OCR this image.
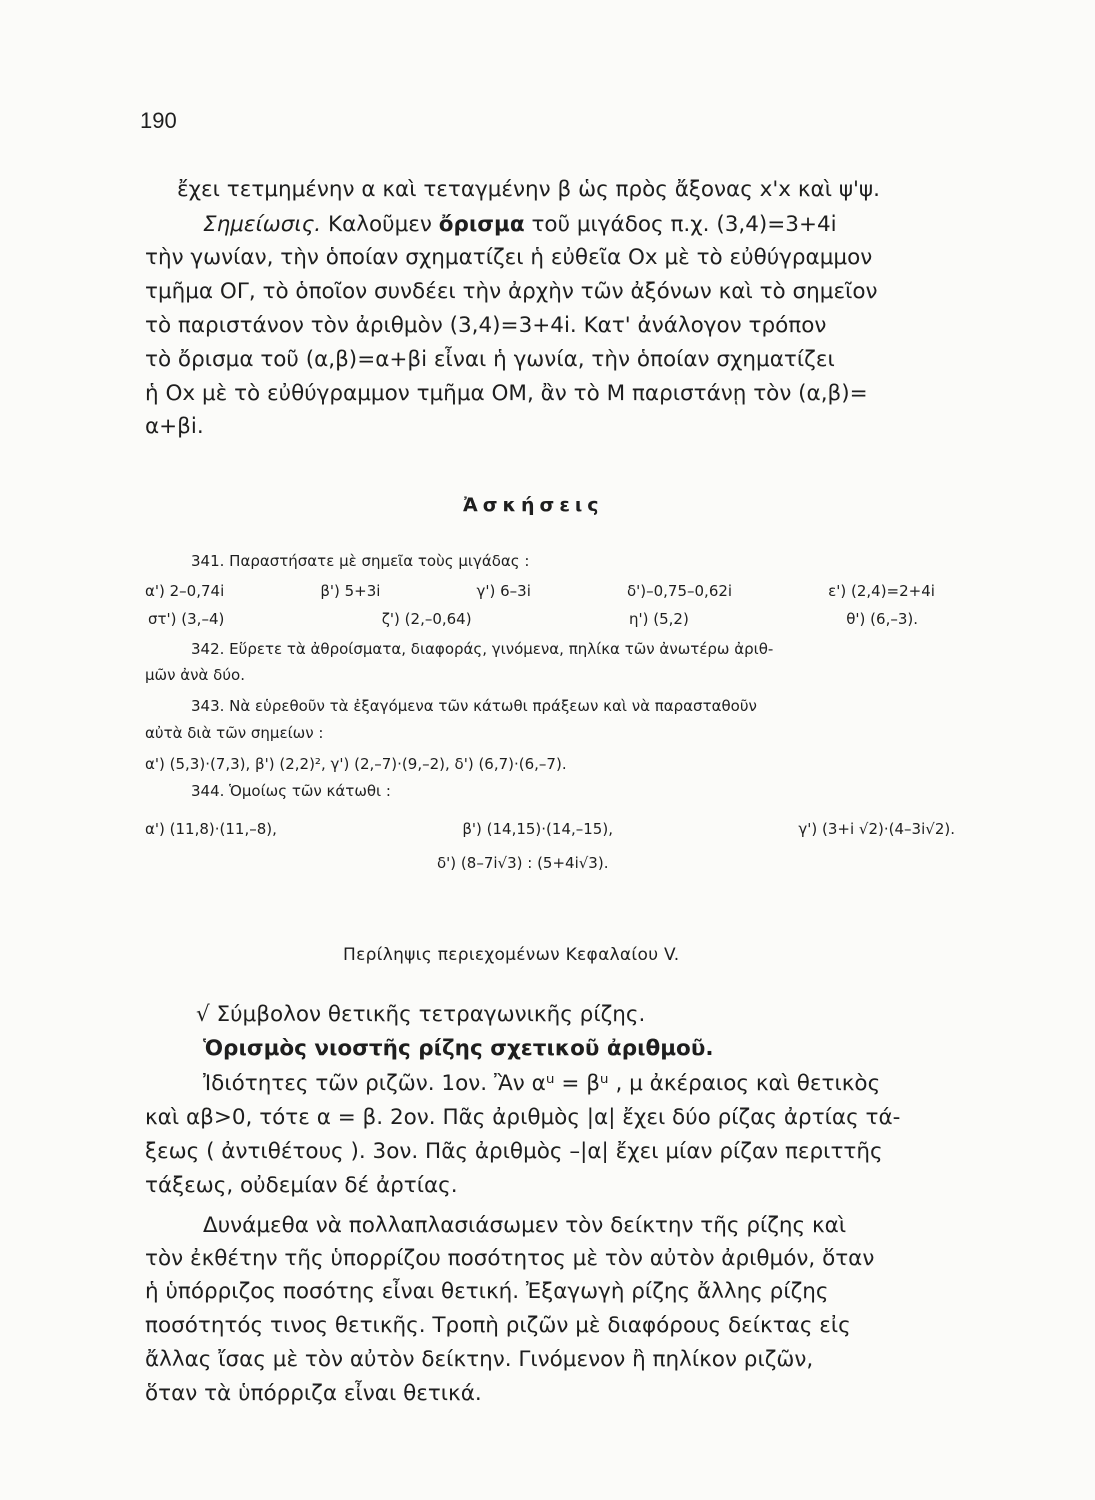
190
ἔχει τετμημένην α καὶ τεταγμένην β ὡς πρὸς ἄξονας x'x καὶ ψ'ψ.
Σημείωσις. Καλοῦμεν ὄρισμα τοῦ μιγάδος π.χ. (3,4)=3+4i
τὴν γωνίαν, τὴν ὁποίαν σχηματίζει ἡ εὐθεῖα Οx μὲ τὸ εὐθύγραμμον
τμῆμα ΟΓ, τὸ ὁποῖον συνδέει τὴν ἀρχὴν τῶν ἀξόνων καὶ τὸ σημεῖον
τὸ παριστάνον τὸν ἀριθμὸν (3,4)=3+4i. Κατ' ἀνάλογον τρόπον
τὸ ὄρισμα τοῦ (α,β)=α+βi εἶναι ἡ γωνία, τὴν ὁποίαν σχηματίζει
ἡ Οx μὲ τὸ εὐθύγραμμον τμῆμα ΟΜ, ἂν τὸ Μ παριστάνῃ τὸν (α,β)=
α+βi.
Ἀσκήσεις
341. Παραστήσατε μὲ σημεῖα τοὺς μιγάδας :
α') 2–0,74i	β') 5+3i	γ') 6–3i	δ')–0,75–0,62i	ε') (2,4)=2+4i
στ') (3,–4)	ζ') (2,–0,64)	η') (5,2)	θ') (6,–3).
342. Εὕρετε τὰ ἀθροίσματα, διαφοράς, γινόμενα, πηλίκα τῶν ἀνωτέρω ἀριθ-
μῶν ἀνὰ δύο.
343. Νὰ εὑρεθοῦν τὰ ἐξαγόμενα τῶν κάτωθι πράξεων καὶ νὰ παρασταθοῦν
αὐτὰ διὰ τῶν σημείων :
α') (5,3)·(7,3), β') (2,2)², γ') (2,–7)·(9,–2), δ') (6,7)·(6,–7).
344. Ὁμοίως τῶν κάτωθι :
α') (11,8)·(11,–8),	β') (14,15)·(14,–15),	γ') (3+i √2)·(4–3i√2).
δ') (8–7i√3) : (5+4i√3).
Περίληψις περιεχομένων Κεφαλαίου V.
√ Σύμβολον θετικῆς τετραγωνικῆς ρίζης.
Ὁρισμὸς νιοστῆς ρίζης σχετικοῦ ἀριθμοῦ.
Ἰδιότητες τῶν ριζῶν. 1ον. Ἂν αᵘ = βᵘ , μ ἀκέραιος καὶ θετικὸς
καὶ αβ>0, τότε α = β. 2ον. Πᾶς ἀριθμὸς |α| ἔχει δύο ρίζας ἀρτίας τά-
ξεως ( ἀντιθέτους ). 3ον. Πᾶς ἀριθμὸς –|α| ἔχει μίαν ρίζαν περιττῆς
τάξεως, οὐδεμίαν δέ ἀρτίας.
Δυνάμεθα νὰ πολλαπλασιάσωμεν τὸν δείκτην τῆς ρίζης καὶ
τὸν ἐκθέτην τῆς ὑπορρίζου ποσότητος μὲ τὸν αὐτὸν ἀριθμόν, ὅταν
ἡ ὑπόρριζος ποσότης εἶναι θετική. Ἐξαγωγὴ ρίζης ἄλλης ρίζης
ποσότητός τινος θετικῆς. Τροπὴ ριζῶν μὲ διαφόρους δείκτας εἰς
ἄλλας ἴσας μὲ τὸν αὐτὸν δείκτην. Γινόμενον ἢ πηλίκον ριζῶν,
ὅταν τὰ ὑπόρριζα εἶναι θετικά.
